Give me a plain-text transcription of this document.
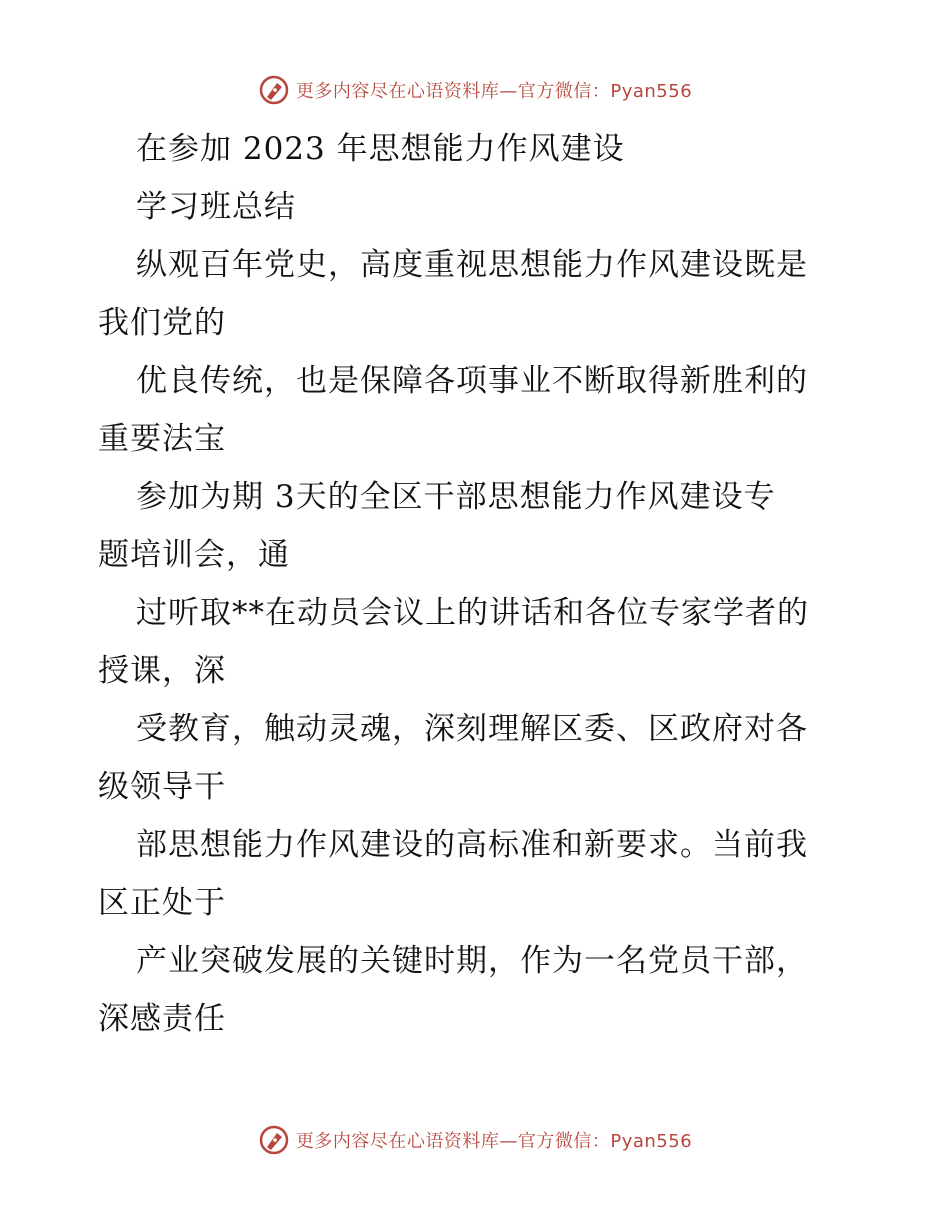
更多内容尽在心语资料库—官方微信：Pyan556
在参加 2023 年思想能力作风建设
学习班总结
纵观百年党史，高度重视思想能力作风建设既是
我们党的
优良传统，也是保障各项事业不断取得新胜利的
重要法宝
参加为期 3天的全区干部思想能力作风建设专
题培训会，通
过听取**在动员会议上的讲话和各位专家学者的
授课，深
受教育，触动灵魂，深刻理解区委、区政府对各
级领导干
部思想能力作风建设的高标准和新要求。当前我
区正处于
产业突破发展的关键时期，作为一名党员干部，
深感责任
更多内容尽在心语资料库—官方微信：Pyan556
